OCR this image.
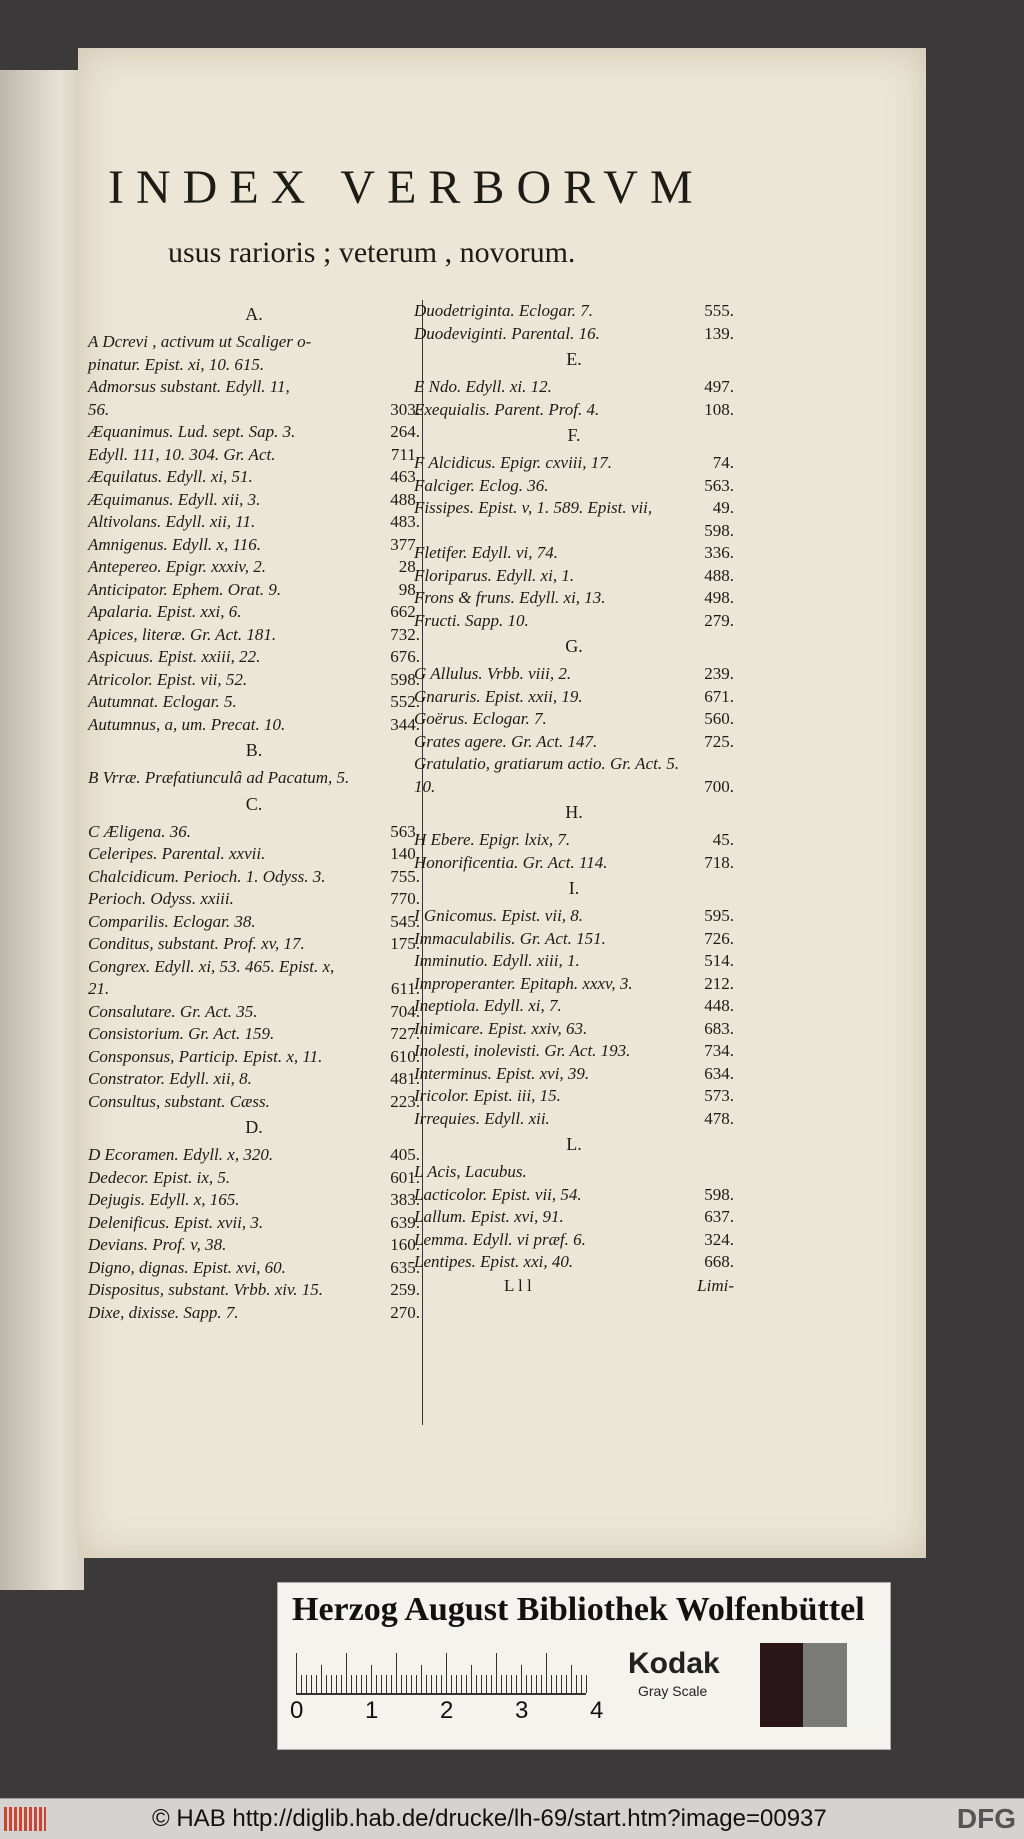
INDEX VERBORVM
usus rarioris ; veterum , novorum.
A.
A Dcrevi , activum ut Scaliger o-
pinatur. Epist. xi, 10. 615.
Admorsus substant. Edyll. 11,
56.	303.
Æquanimus. Lud. sept. Sap. 3.	264.
Edyll. 111, 10. 304. Gr. Act.	711.
Æquilatus. Edyll. xi, 51.	463.
Æquimanus. Edyll. xii, 3.	488.
Altivolans. Edyll. xii, 11.	483.
Amnigenus. Edyll. x, 116.	377.
Antepereo. Epigr. xxxiv, 2.	28.
Anticipator. Ephem. Orat. 9.	98.
Apalaria. Epist. xxi, 6.	662.
Apices, literæ. Gr. Act. 181.	732.
Aspicuus. Epist. xxiii, 22.	676.
Atricolor. Epist. vii, 52.	598.
Autumnat. Eclogar. 5.	552.
Autumnus, a, um. Precat. 10.	344.
B.
B Vrræ. Præfatiunculâ ad Pacatum, 5.
C.
C Æligena. 36.	563.
Celeripes. Parental. xxvii.	140.
Chalcidicum. Perioch. 1. Odyss. 3.	755.
Perioch. Odyss. xxiii.	770.
Comparilis. Eclogar. 38.	545.
Conditus, substant. Prof. xv, 17.	175.
Congrex. Edyll. xi, 53. 465. Epist. x,
21.	611.
Consalutare. Gr. Act. 35.	704.
Consistorium. Gr. Act. 159.	727.
Consponsus, Particip. Epist. x, 11.	610.
Constrator. Edyll. xii, 8.	481.
Consultus, substant. Cæss.	223.
D.
D Ecoramen. Edyll. x, 320.	405.
Dedecor. Epist. ix, 5.	601.
Dejugis. Edyll. x, 165.	383.
Delenificus. Epist. xvii, 3.	639.
Devians. Prof. v, 38.	160.
Digno, dignas. Epist. xvi, 60.	635.
Dispositus, substant. Vrbb. xiv. 15.	259.
Dixe, dixisse. Sapp. 7.	270.
Duodetriginta. Eclogar. 7.	555.
Duodeviginti. Parental. 16.	139.
E.
E Ndo. Edyll. xi. 12.	497.
Exequialis. Parent. Prof. 4.	108.
F.
F Alcidicus. Epigr. cxviii, 17.	74.
Falciger. Eclog. 36.	563.
Fissipes. Epist. v, 1. 589. Epist. vii,	49.
598.
Fletifer. Edyll. vi, 74.	336.
Floriparus. Edyll. xi, 1.	488.
Frons & fruns. Edyll. xi, 13.	498.
Fructi. Sapp. 10.	279.
G.
G Allulus. Vrbb. viii, 2.	239.
Gnaruris. Epist. xxii, 19.	671.
Goërus. Eclogar. 7.	560.
Grates agere. Gr. Act. 147.	725.
Gratulatio, gratiarum actio. Gr. Act. 5.
10.	700.
H.
H Ebere. Epigr. lxix, 7.	45.
Honorificentia. Gr. Act. 114.	718.
I.
I Gnicomus. Epist. vii, 8.	595.
Immaculabilis. Gr. Act. 151.	726.
Imminutio. Edyll. xiii, 1.	514.
Improperanter. Epitaph. xxxv, 3.	212.
Ineptiola. Edyll. xi, 7.	448.
Inimicare. Epist. xxiv, 63.	683.
Inolesti, inolevisti. Gr. Act. 193.	734.
Interminus. Epist. xvi, 39.	634.
Iricolor. Epist. iii, 15.	573.
Irrequies. Edyll. xii.	478.
L.
L Acis, Lacubus.
Lacticolor. Epist. vii, 54.	598.
Lallum. Epist. xvi, 91.	637.
Lemma. Edyll. vi præf. 6.	324.
Lentipes. Epist. xxi, 40.	668.
L l l	Limi-
Herzog August Bibliothek Wolfenbüttel
0	1	2	3	4
Kodak
Gray Scale
© HAB http://diglib.hab.de/drucke/lh-69/start.htm?image=00937	DFG
